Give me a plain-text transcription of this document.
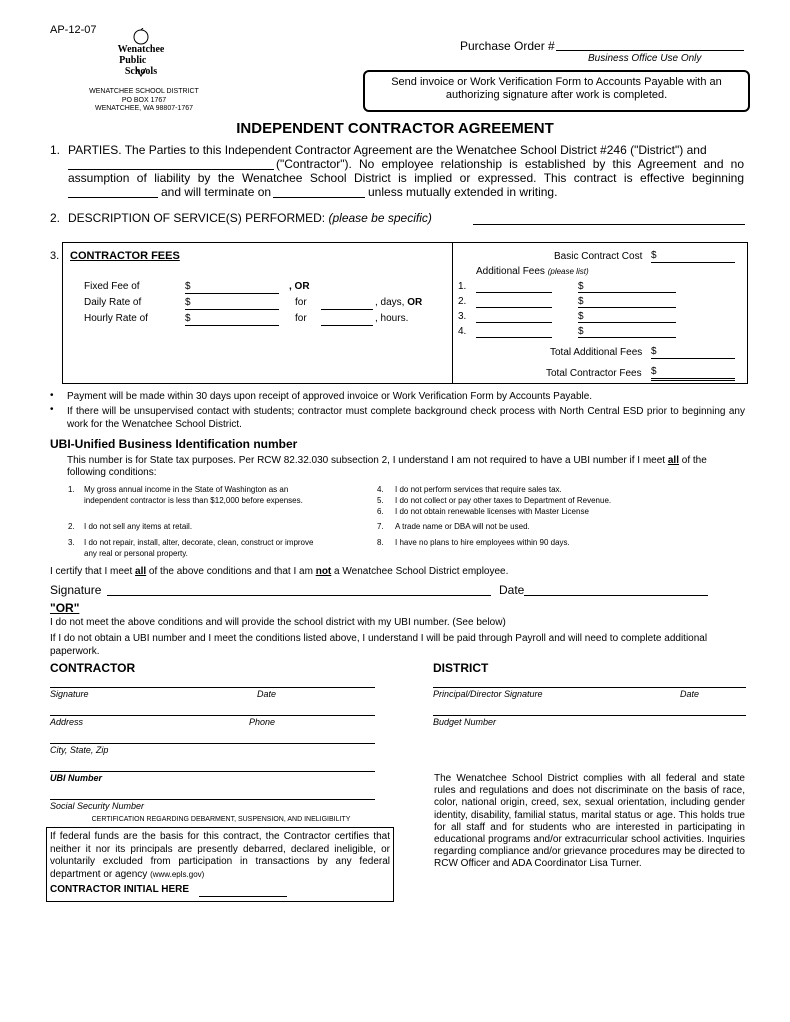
AP-12-07
Wenatchee
Public  Schools
WENATCHEE SCHOOL DISTRICT
PO BOX 1767
WENATCHEE, WA 98807-1767
Purchase Order #
Business Office Use Only
Send invoice or Work Verification Form to Accounts Payable with an authorizing signature after work is completed.
INDEPENDENT CONTRACTOR AGREEMENT
1. PARTIES. The Parties to this Independent Contractor Agreement are the Wenatchee School District #246 ("District") and
("Contractor"). No employee relationship is established by this Agreement and no
assumption of liability by the Wenatchee School District is implied or expressed. This contract is effective beginning
and will terminate on	unless mutually extended in writing.
2. DESCRIPTION OF SERVICE(S) PERFORMED: (please be specific)
3. CONTRACTOR FEES
Fixed Fee of	$	, OR
Daily Rate of	$	for	, days, OR
Hourly Rate of	$	for	, hours.
Basic Contract Cost $
Additional Fees (please list)
1.	$
2.	$
3.	$
4.	$
Total Additional Fees $
Total Contractor Fees $
• Payment will be made within 30 days upon receipt of approved invoice or Work Verification Form by Accounts Payable.
• If there will be unsupervised contact with students; contractor must complete background check process with North Central ESD prior to beginning any work for the Wenatchee School District.
UBI-Unified Business Identification number
This number is for State tax purposes. Per RCW 82.32.030 subsection 2, I understand I am not required to have a UBI number if I meet all of the following conditions:
1. My gross annual income in the State of Washington as an independent contractor is less than $12,000 before expenses.
2. I do not sell any items at retail.
3. I do not repair, install, alter, decorate, clean, construct or improve any real or personal property.
4. I do not perform services that require sales tax.
5. I do not collect or pay other taxes to Department of Revenue.
6. I do not obtain renewable licenses with Master License
7. A trade name or DBA will not be used.
8. I have no plans to hire employees within 90 days.
I certify that I meet all of the above conditions and that I am not a Wenatchee School District employee.
Signature	Date
"OR"
I do not meet the above conditions and will provide the school district with my UBI number. (See below)
If I do not obtain a UBI number and I meet the conditions listed above, I understand I will be paid through Payroll and will need to complete additional paperwork.
CONTRACTOR	DISTRICT
Signature	Date	Principal/Director Signature	Date
Address	Phone	Budget Number
City, State, Zip
UBI Number
Social Security Number
CERTIFICATION REGARDING DEBARMENT, SUSPENSION, AND INELIGIBILITY
If federal funds are the basis for this contract, the Contractor certifies that neither it nor its principals are presently debarred, declared ineligible, or voluntarily excluded from participation in transactions by any federal department or agency (www.epls.gov)
CONTRACTOR INITIAL HERE
The Wenatchee School District complies with all federal and state rules and regulations and does not discriminate on the basis of race, color, national origin, creed, sex, sexual orientation, including gender identity, disability, familial status, marital status or age. This holds true for all staff and for students who are interested in participating in educational programs and/or extracurricular school activities. Inquiries regarding compliance and/or grievance procedures may be directed to RCW Officer and ADA Coordinator Lisa Turner.
